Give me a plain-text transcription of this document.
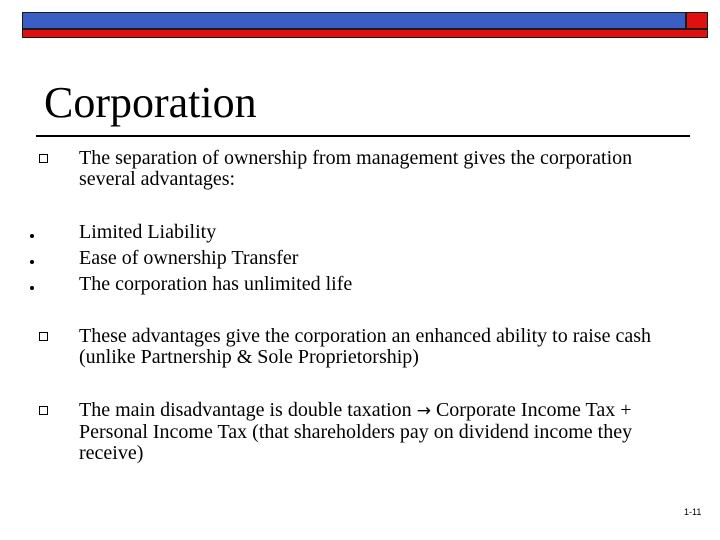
Corporation
The separation of ownership from management gives the corporation several advantages:
Limited Liability
Ease of ownership Transfer
The corporation has unlimited life
These advantages give the corporation an enhanced ability to raise cash (unlike Partnership & Sole Proprietorship)
The main disadvantage is double taxation → Corporate Income Tax + Personal Income Tax (that shareholders pay on dividend income they receive)
1-11
